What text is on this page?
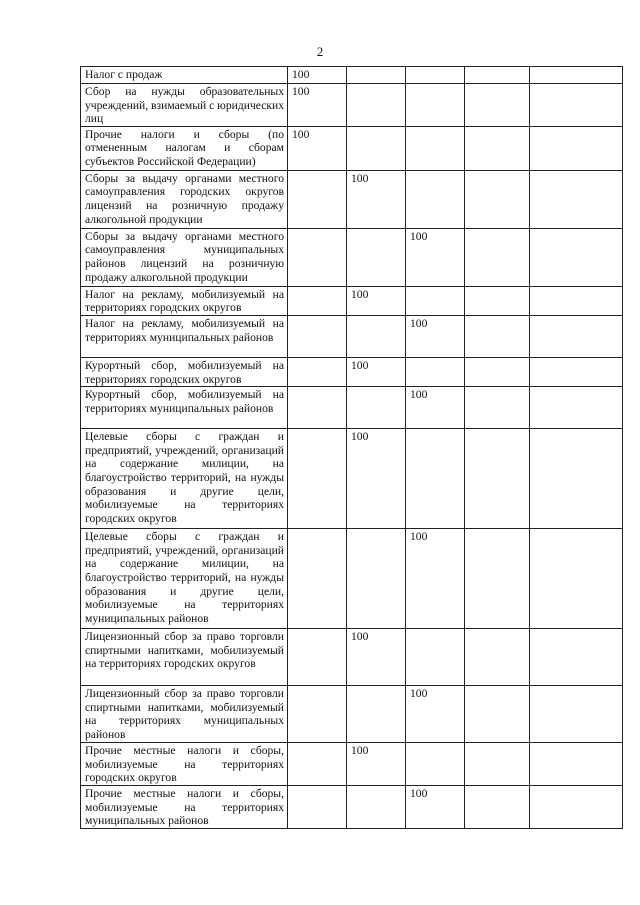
2
Налог с продаж	100				
Сбор на нужды образовательных учреждений, взимаемый с юридических лиц	100				
Прочие налоги и сборы (по отмененным налогам и сборам субъектов Российской Федерации)	100				
Сборы за выдачу органами местного самоуправления городских округов лицензий на розничную продажу алкогольной продукции		100			
Сборы за выдачу органами местного самоуправления муниципальных районов лицензий на розничную продажу алкогольной продукции			100		
Налог на рекламу, мобилизуемый на территориях городских округов		100			
Налог на рекламу, мобилизуемый на территориях муниципальных районов			100		
Курортный сбор, мобилизуемый на территориях городских округов		100			
Курортный сбор, мобилизуемый на территориях муниципальных районов			100		
Целевые сборы с граждан и предприятий, учреждений, организаций на содержание милиции, на благоустройство территорий, на нужды образования и другие цели, мобилизуемые на территориях городских округов		100			
Целевые сборы с граждан и предприятий, учреждений, организаций на содержание милиции, на благоустройство территорий, на нужды образования и другие цели, мобилизуемые на территориях муниципальных районов			100		
Лицензионный сбор за право торговли спиртными напитками, мобилизуемый на территориях городских округов		100			
Лицензионный сбор за право торговли спиртными напитками, мобилизуемый на территориях муниципальных районов			100		
Прочие местные налоги и сборы, мобилизуемые на территориях городских округов		100			
Прочие местные налоги и сборы, мобилизуемые на территориях муниципальных районов			100		
